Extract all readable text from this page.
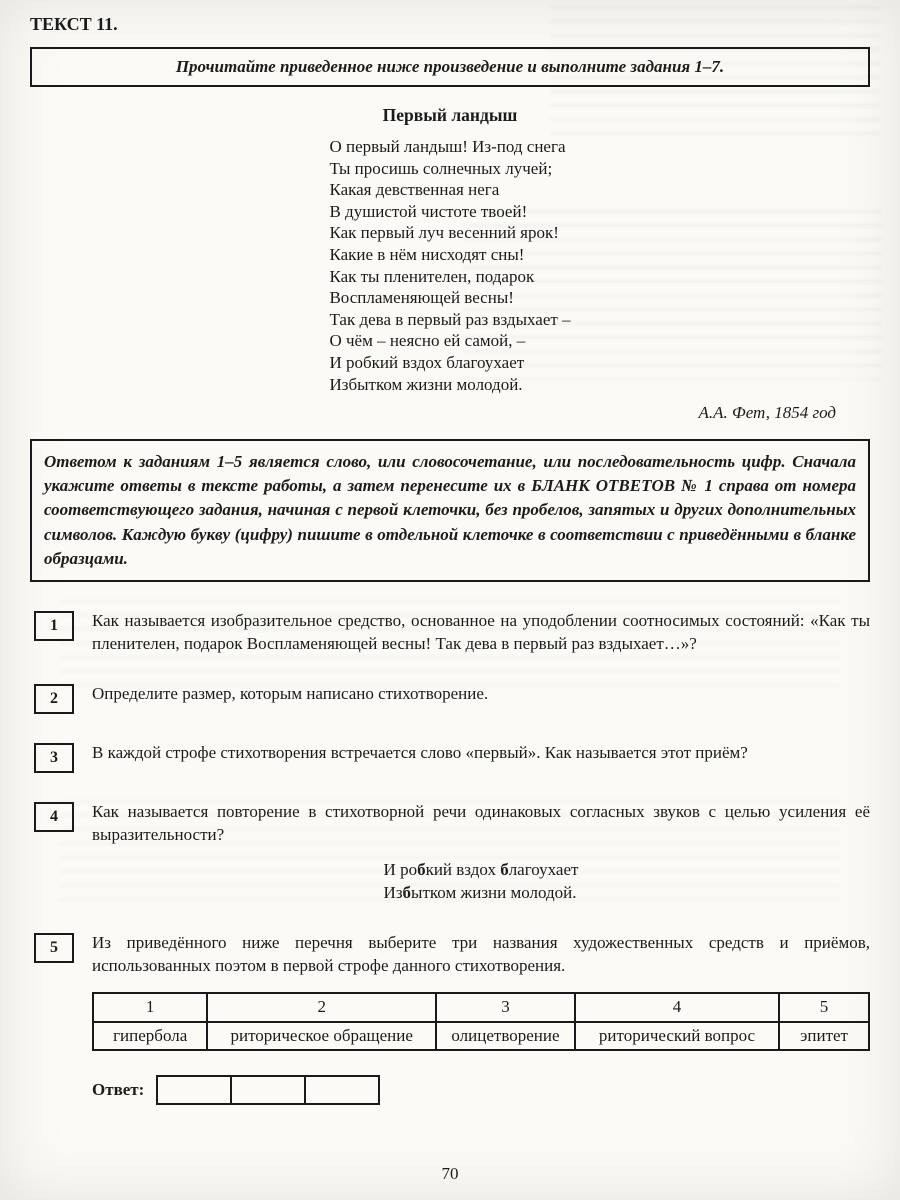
ТЕКСТ 11.
Прочитайте приведенное ниже произведение и выполните задания 1–7.
Первый ландыш
О первый ландыш! Из-под снега
Ты просишь солнечных лучей;
Какая девственная нега
В душистой чистоте твоей!
Как первый луч весенний ярок!
Какие в нём нисходят сны!
Как ты пленителен, подарок
Воспламеняющей весны!
Так дева в первый раз вздыхает –
О чём – неясно ей самой, –
И робкий вздох благоухает
Избытком жизни молодой.
А.А. Фет, 1854 год
Ответом к заданиям 1–5 является слово, или словосочетание, или последовательность цифр. Сначала укажите ответы в тексте работы, а затем перенесите их в БЛАНК ОТВЕТОВ № 1 справа от номера соответствующего задания, начиная с первой клеточки, без пробелов, запятых и других дополнительных символов. Каждую букву (цифру) пишите в отдельной клеточке в соответствии с приведёнными в бланке образцами.
1	Как называется изобразительное средство, основанное на уподоблении соотносимых состояний: «Как ты пленителен, подарок Воспламеняющей весны! Так дева в первый раз вздыхает…»?
2	Определите размер, которым написано стихотворение.
3	В каждой строфе стихотворения встречается слово «первый». Как называется этот приём?
4	Как называется повторение в стихотворной речи одинаковых согласных звуков с целью усиления её выразительности?
И робкий вздох благоухает
Избытком жизни молодой.
5	Из приведённого ниже перечня выберите три названия художественных средств и приёмов, использованных поэтом в первой строфе данного стихотворения.
1	2	3	4	5
гипербола	риторическое обращение	олицетворение	риторический вопрос	эпитет
Ответ:

70
